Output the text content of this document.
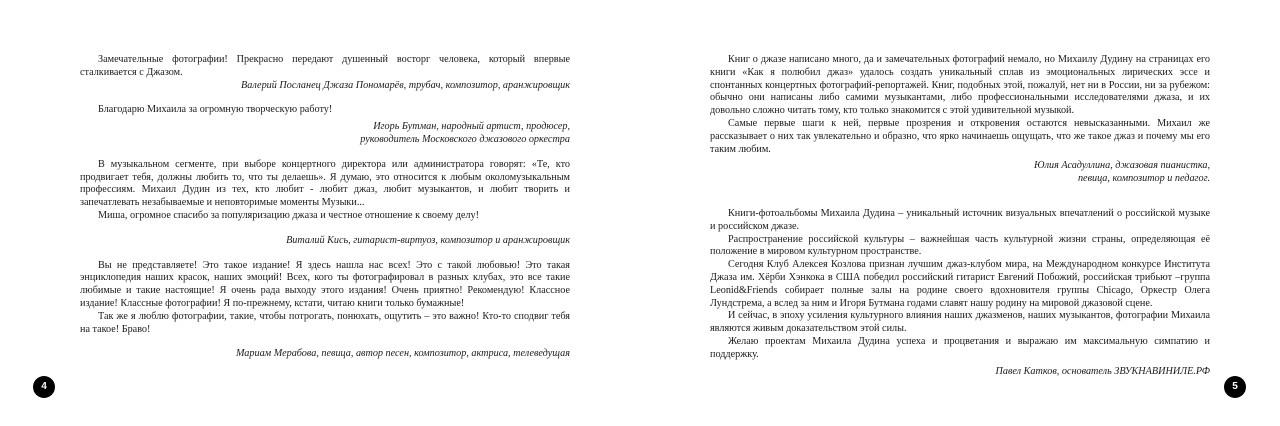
Замечательные фотографии! Прекрасно передают душенный восторг человека, который впервые сталкивается с Джазом.

Валерий Посланец Джаза Пономарёв, трубач, композитор, аранжировщик

Благодарю Михаила за огромную творческую работу!

Игорь Бутман, народный артист, продюсер,

руководитель Московского джазового оркестра

В музыкальном сегменте, при выборе концертного директора или администратора говорят: «Те, кто продвигает тебя, должны любить то, что ты делаешь». Я думаю, это относится к любым околомузыкальным профессиям. Михаил Дудин из тех, кто любит - любит джаз, любит музыкантов, и любит творить и запечатлевать незабываемые и неповторимые моменты Музыки...

Миша, огромное спасибо за популяризацию джаза и честное отношение к своему делу!

Виталий Кись, гитарист-виртуоз, композитор и аранжировщик

Вы не представляете! Это такое издание! Я здесь нашла нас всех! Это с такой любовью! Это такая энциклопедия наших красок, наших эмоций! Всех, кого ты фотографировал в разных клубах, это все такие любимые и такие настоящие! Я очень рада выходу этого издания! Очень приятно! Рекомендую! Классное издание! Классные фотографии! Я по-прежнему, кстати, читаю книги только бумажные!

Так же я люблю фотографии, такие, чтобы потрогать, понюхать, ощутить – это важно! Кто-то сподвиг тебя на такое! Браво!

Мариам Мерабова, певица, автор песен, композитор, актриса, телеведущая

4

Книг о джазе написано много, да и замечательных фотографий немало, но Михаилу Дудину на страницах его книги «Как я полюбил джаз» удалось создать уникальный сплав из эмоциональных лирических эссе и спонтанных концертных фотографий-репортажей. Книг, подобных этой, пожалуй, нет ни в России, ни за рубежом: обычно они написаны либо самими музыкантами, либо профессиональными исследователями джаза, и их довольно сложно читать тому, кто только знакомится с этой удивительной музыкой.

Самые первые шаги к ней, первые прозрения и откровения остаются невысказанными. Михаил же рассказывает о них так увлекательно и образно, что ярко начинаешь ощущать, что же такое джаз и почему мы его таким любим.

Юлия Асадуллина, джазовая пианистка,

певица, композитор и педагог.

Книги-фотоальбомы Михаила Дудина – уникальный источник визуальных впечатлений о российской музыке и российском джазе.

Распространение российской культуры – важнейшая часть культурной жизни страны, определяющая её положение в мировом культурном пространстве.

Сегодня Клуб Алексея Козлова признан лучшим джаз-клубом мира, на Международном конкурсе Института Джаза им. Хёрби Хэнкока в США победил российский гитарист Евгений Побожий, российская трибьют –группа Leonid&Friends собирает полные залы на родине своего вдохновителя группы Chicago, Оркестр Олега Лундстрема, а вслед за ним и Игоря Бутмана годами славят нашу родину на мировой джазовой сцене.

И сейчас, в эпоху усиления культурного влияния наших джазменов, наших музыкантов, фотографии Михаила являются живым доказательством этой силы.

Желаю проектам Михаила Дудина успеха и процветания и выражаю им максимальную симпатию и поддержку.

Павел Катков, основатель ЗВУКНАВИНИЛЕ.РФ

5
